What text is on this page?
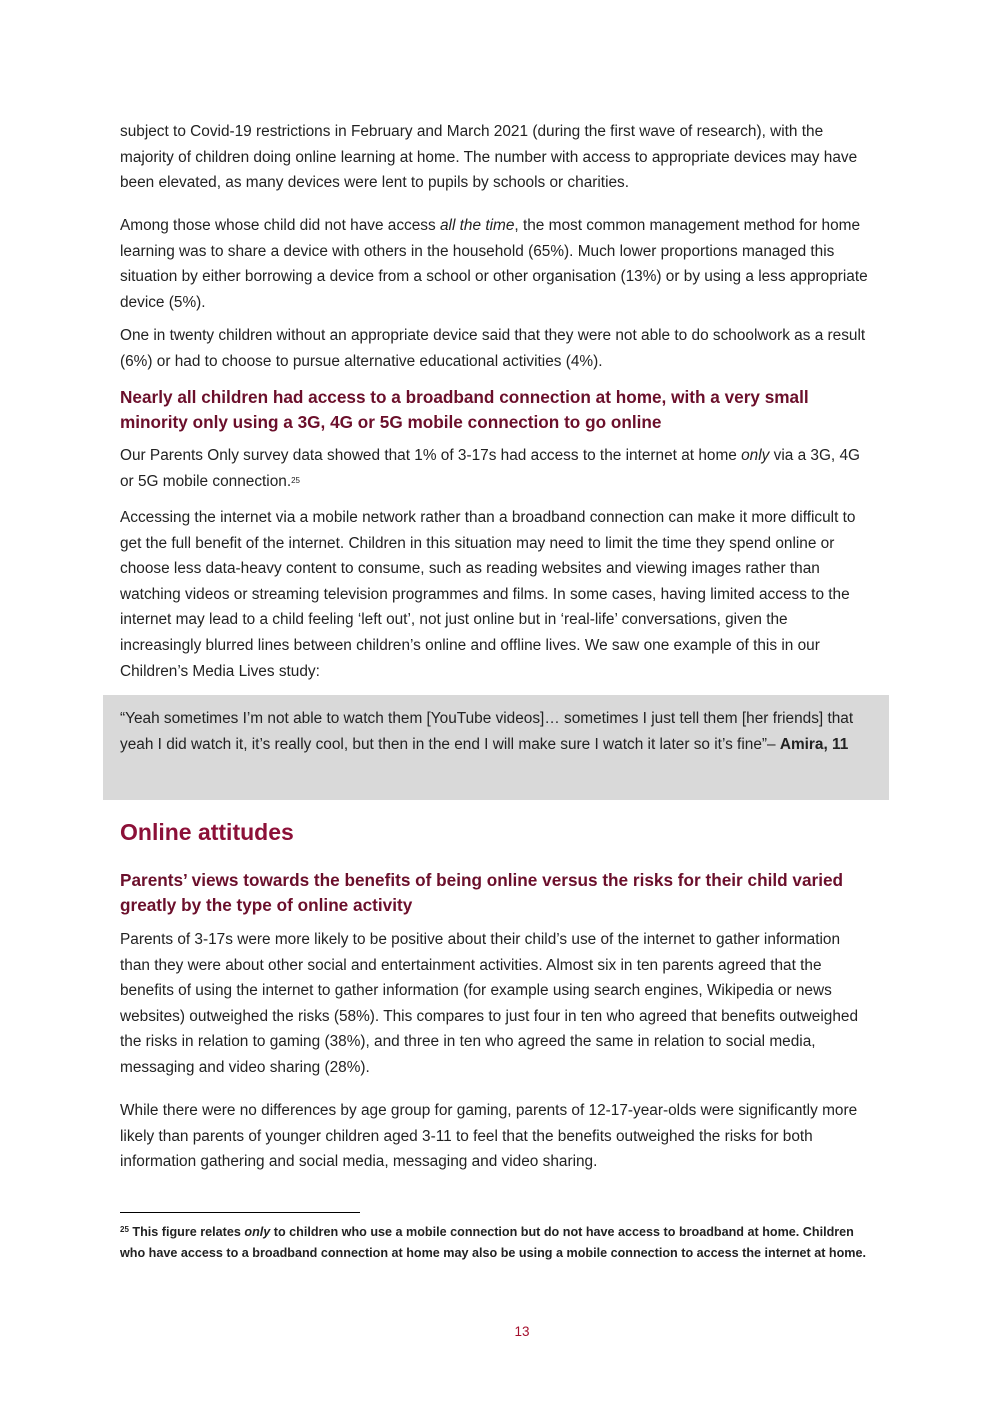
subject to Covid-19 restrictions in February and March 2021 (during the first wave of research), with the majority of children doing online learning at home. The number with access to appropriate devices may have been elevated, as many devices were lent to pupils by schools or charities.

Among those whose child did not have access all the time, the most common management method for home learning was to share a device with others in the household (65%). Much lower proportions managed this situation by either borrowing a device from a school or other organisation (13%) or by using a less appropriate device (5%).

One in twenty children without an appropriate device said that they were not able to do schoolwork as a result (6%) or had to choose to pursue alternative educational activities (4%).

Nearly all children had access to a broadband connection at home, with a very small minority only using a 3G, 4G or 5G mobile connection to go online

Our Parents Only survey data showed that 1% of 3-17s had access to the internet at home only via a 3G, 4G or 5G mobile connection.$^{25}$

Accessing the internet via a mobile network rather than a broadband connection can make it more difficult to get the full benefit of the internet. Children in this situation may need to limit the time they spend online or choose less data-heavy content to consume, such as reading websites and viewing images rather than watching videos or streaming television programmes and films. In some cases, having limited access to the internet may lead to a child feeling ‘left out’, not just online but in ‘real-life’ conversations, given the increasingly blurred lines between children’s online and offline lives. We saw one example of this in our Children’s Media Lives study:

“Yeah sometimes I’m not able to watch them [YouTube videos]… sometimes I just tell them [her friends] that yeah I did watch it, it’s really cool, but then in the end I will make sure I watch it later so it’s fine”– Amira, 11

Online attitudes
Parents’ views towards the benefits of being online versus the risks for their child varied greatly by the type of online activity

Parents of 3-17s were more likely to be positive about their child’s use of the internet to gather information than they were about other social and entertainment activities. Almost six in ten parents agreed that the benefits of using the internet to gather information (for example using search engines, Wikipedia or news websites) outweighed the risks (58%). This compares to just four in ten who agreed that benefits outweighed the risks in relation to gaming (38%), and three in ten who agreed the same in relation to social media, messaging and video sharing (28%).

While there were no differences by age group for gaming, parents of 12-17-year-olds were significantly more likely than parents of younger children aged 3-11 to feel that the benefits outweighed the risks for both information gathering and social media, messaging and video sharing.

$^{25}$ This figure relates only to children who use a mobile connection but do not have access to broadband at home. Children who have access to a broadband connection at home may also be using a mobile connection to access the internet at home.
13
